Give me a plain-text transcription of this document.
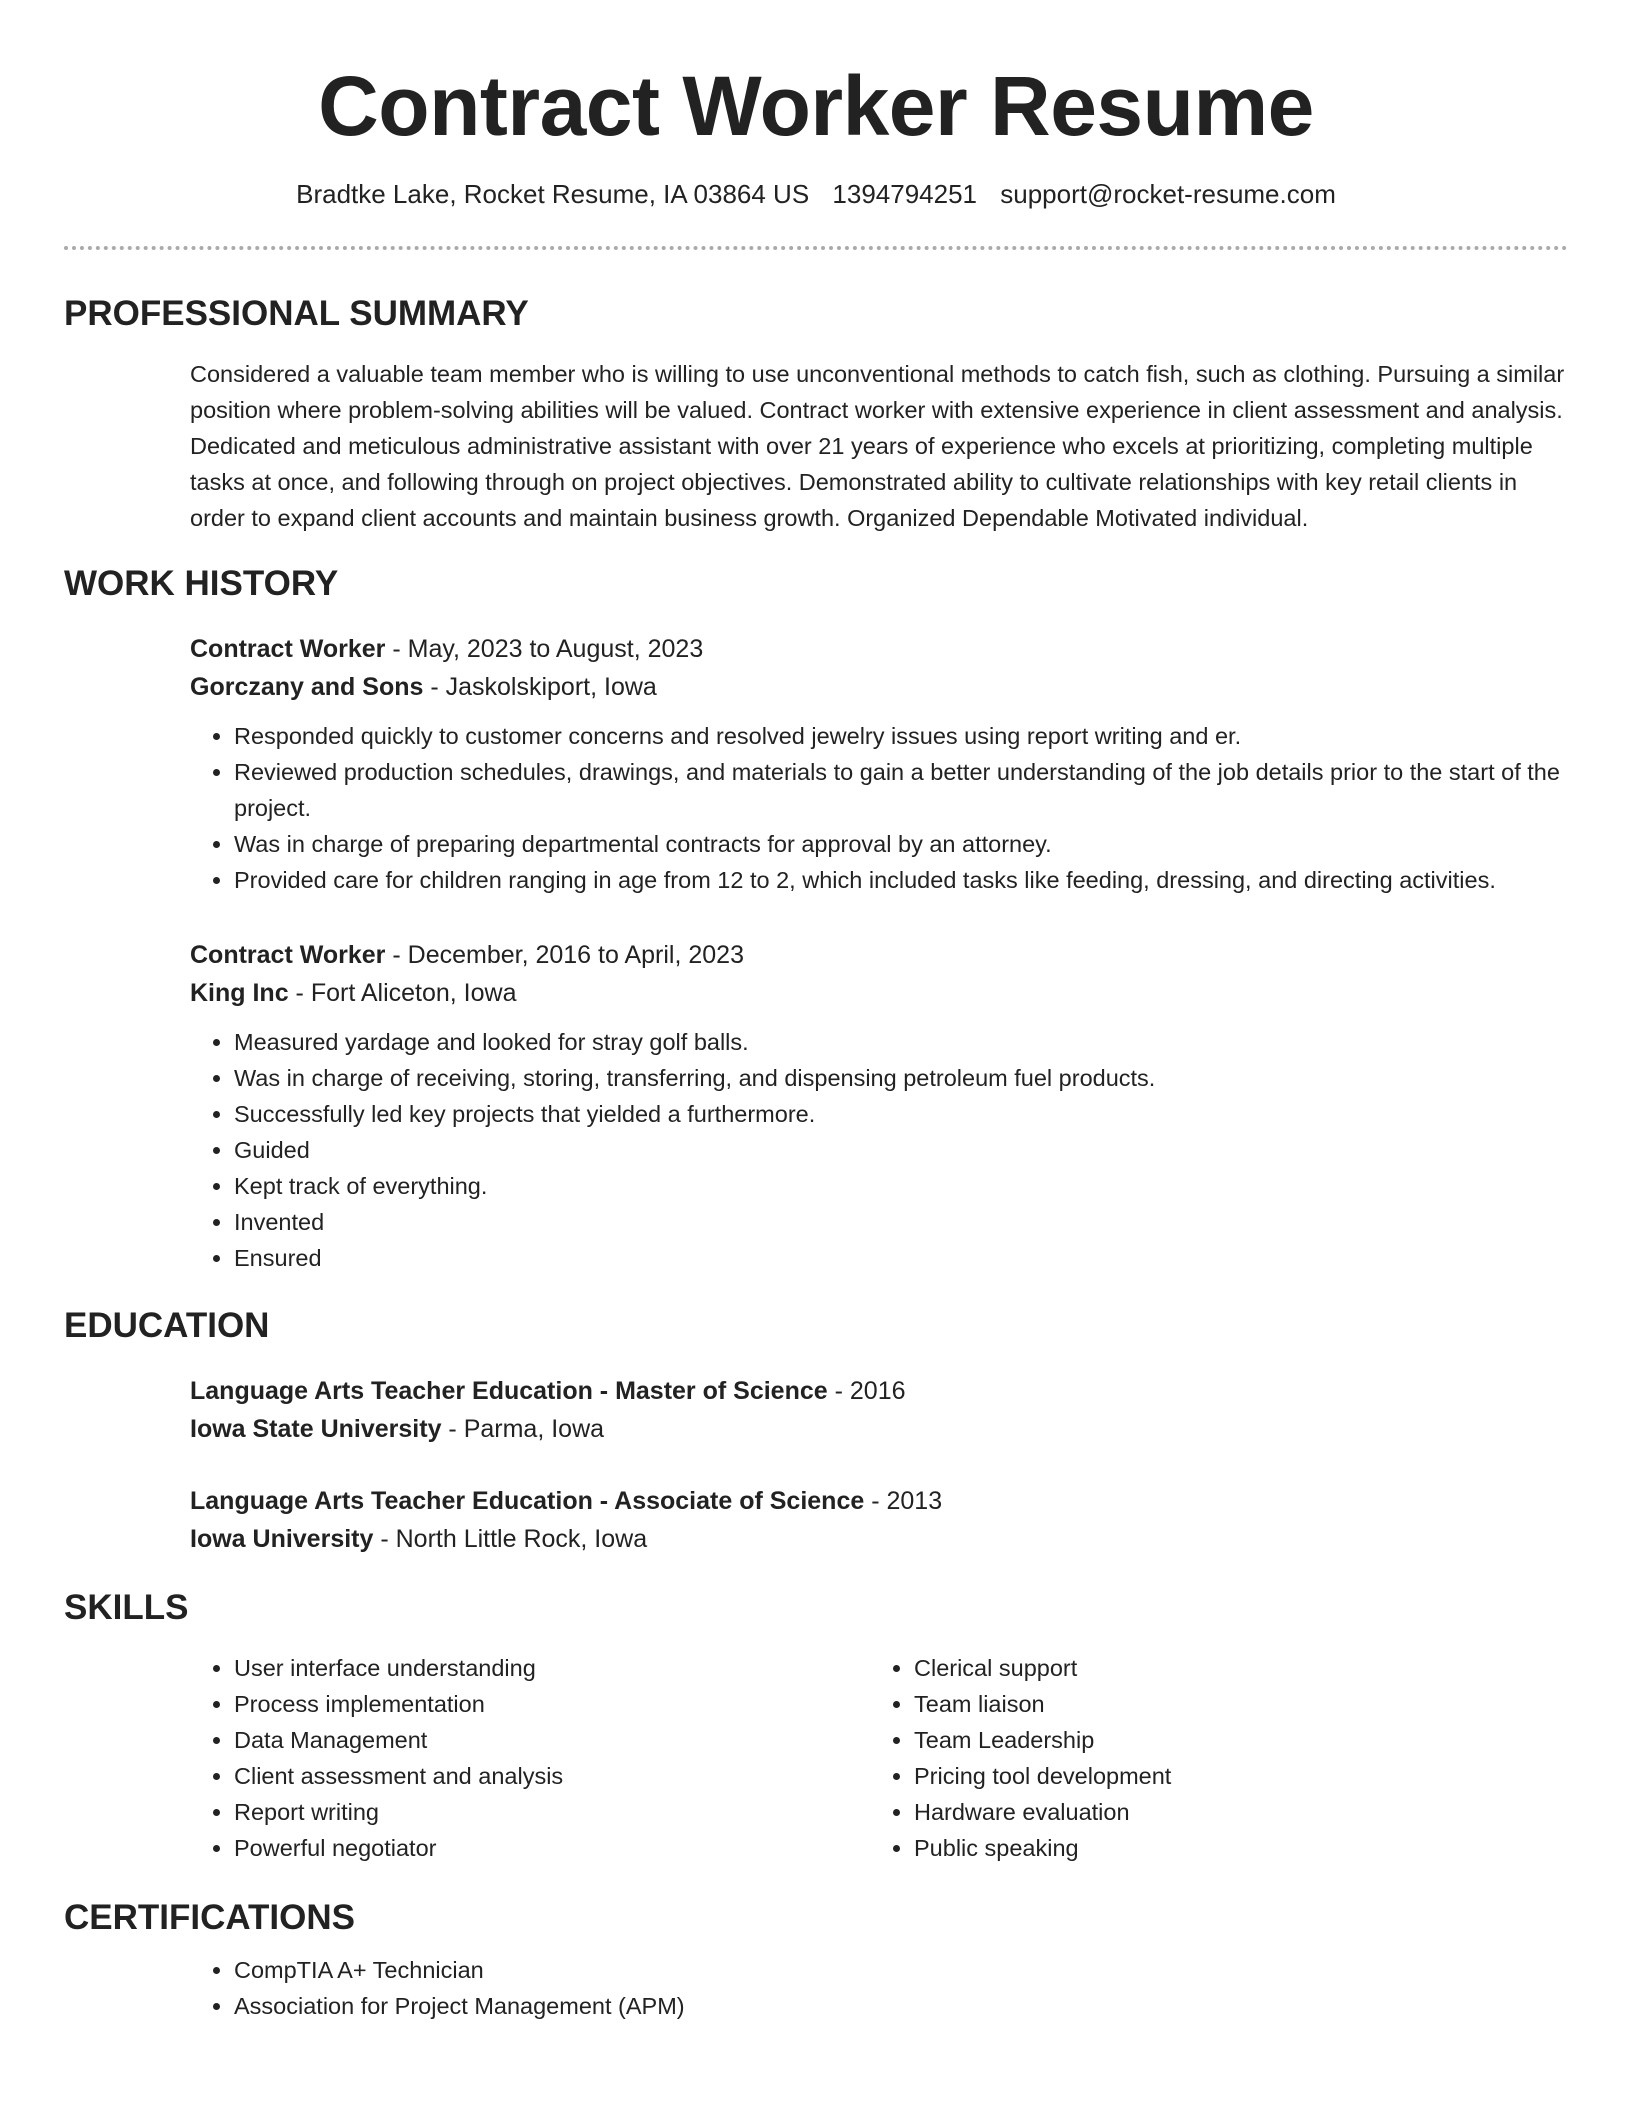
Contract Worker Resume
Bradtke Lake, Rocket Resume, IA 03864 US 1394794251 support@rocket-resume.com
PROFESSIONAL SUMMARY
Considered a valuable team member who is willing to use unconventional methods to catch fish, such as clothing. Pursuing a similar position where problem-solving abilities will be valued. Contract worker with extensive experience in client assessment and analysis. Dedicated and meticulous administrative assistant with over 21 years of experience who excels at prioritizing, completing multiple tasks at once, and following through on project objectives. Demonstrated ability to cultivate relationships with key retail clients in order to expand client accounts and maintain business growth. Organized Dependable Motivated individual.
WORK HISTORY
Contract Worker - May, 2023 to August, 2023
Gorczany and Sons - Jaskolskiport, Iowa
• Responded quickly to customer concerns and resolved jewelry issues using report writing and er.
• Reviewed production schedules, drawings, and materials to gain a better understanding of the job details prior to the start of the project.
• Was in charge of preparing departmental contracts for approval by an attorney.
• Provided care for children ranging in age from 12 to 2, which included tasks like feeding, dressing, and directing activities.
Contract Worker - December, 2016 to April, 2023
King Inc - Fort Aliceton, Iowa
• Measured yardage and looked for stray golf balls.
• Was in charge of receiving, storing, transferring, and dispensing petroleum fuel products.
• Successfully led key projects that yielded a furthermore.
• Guided
• Kept track of everything.
• Invented
• Ensured
EDUCATION
Language Arts Teacher Education - Master of Science - 2016
Iowa State University - Parma, Iowa
Language Arts Teacher Education - Associate of Science - 2013
Iowa University - North Little Rock, Iowa
SKILLS
• User interface understanding
• Process implementation
• Data Management
• Client assessment and analysis
• Report writing
• Powerful negotiator
• Clerical support
• Team liaison
• Team Leadership
• Pricing tool development
• Hardware evaluation
• Public speaking
CERTIFICATIONS
• CompTIA A+ Technician
• Association for Project Management (APM)
